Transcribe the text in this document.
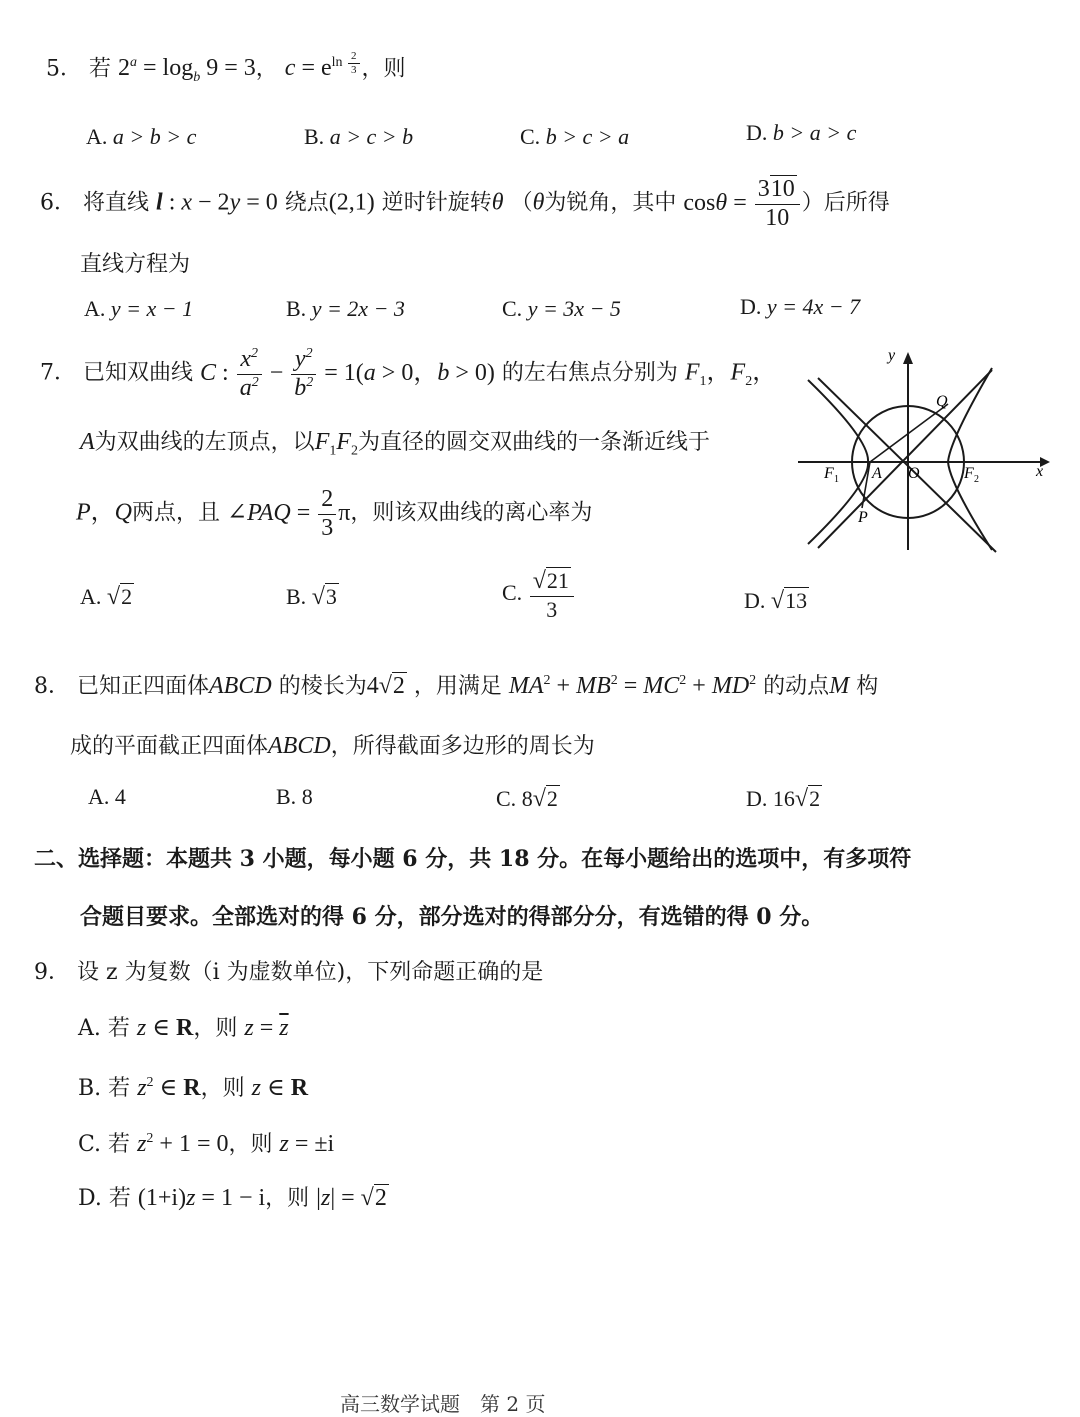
5． 若 $2^a = \log_b 9 = 3$， $c = e^{ln \frac{2}{3}}$ ，则
A. a > b > c	B. a > c > b	C. b > c > a	D. b > a > c
6． 将直线 l : x − 2y = 0 绕点(2,1) 逆时针旋转θ （θ为锐角，其中 $\cos\theta = \frac{310}{10}$ ）后所得
直线方程为
A. y = x − 1	B. y = 2x − 3	C. y = 3x − 5	D. y = 4x − 7
7． 已知双曲线 C : $\frac{x^2}{a^2} - \frac{y^2}{b^2} = 1(a > 0$，b > 0) 的左右焦点分别为 $F_1$，$F_2$，
A为双曲线的左顶点，以$F_1F_2$为直径的圆交双曲线的一条渐近线于
P，Q两点，且 ∠PAQ = $\frac{2}{3}$ π，则该双曲线的离心率为
y
x
Q
P
F 1 A O	F 2
A. √2	B. √3	C. $\frac{√21}{3}$	D. √13
8． 已知正四面体ABCD 的棱长为4√2 ，用满足 $MA^2 + MB^2 = MC^2 + MD^2$ 的动点M 构
成的平面截正四面体ABCD，所得截面多边形的周长为
A. 4	B. 8	C. 8√2	D. 16√2
二、选择题：本题共 3 小题，每小题 6 分，共 18 分。在每小题给出的选项中，有多项符
合题目要求。全部选对的得 6 分，部分选对的得部分分，有选错的得 0 分。
9． 设 z 为复数（i 为虚数单位)，下列命题正确的是
A. 若 z ∈ R，则 $z = \overline{z}$
B. 若 $z^2$ ∈ R，则 z ∈ R
C. 若 $z^2 + 1 = 0$，则 z = ±i
D. 若 (1+i)z = 1 − i，则 |z| = √2
高三数学试题　第 2 页
